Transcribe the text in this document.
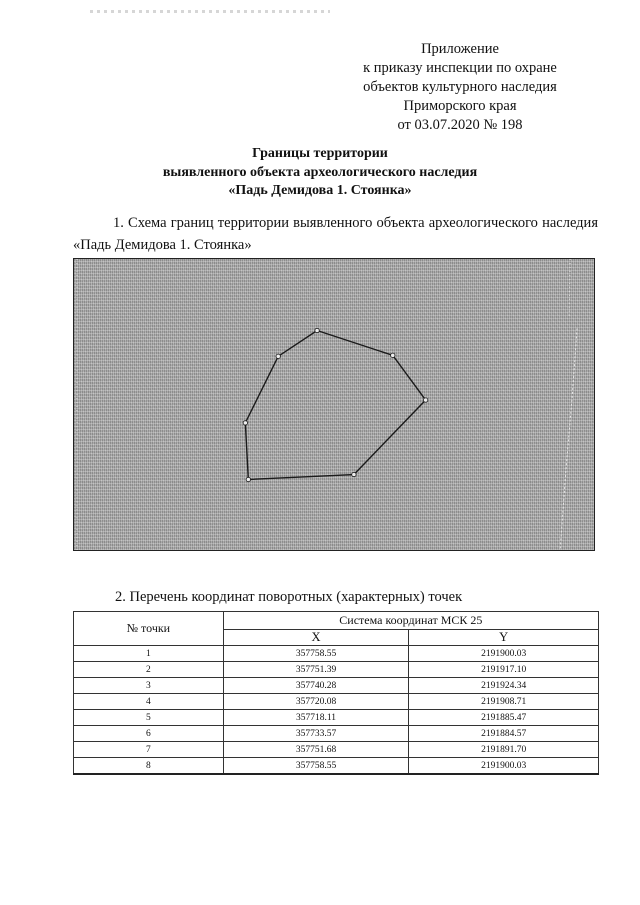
Приложение
к приказу инспекции по охране
объектов культурного наследия
Приморского края
от 03.07.2020 № 198
Границы территории
выявленного объекта археологического наследия
«Падь Демидова 1. Стоянка»
1. Схема границ территории выявленного объекта археологического наследия «Падь Демидова 1. Стоянка»
2. Перечень координат поворотных (характерных) точек
№ точки	Система координат МСК 25	
	X	Y
1	357758.55	2191900.03
2	357751.39	2191917.10
3	357740.28	2191924.34
4	357720.08	2191908.71
5	357718.11	2191885.47
6	357733.57	2191884.57
7	357751.68	2191891.70
8	357758.55	2191900.03
